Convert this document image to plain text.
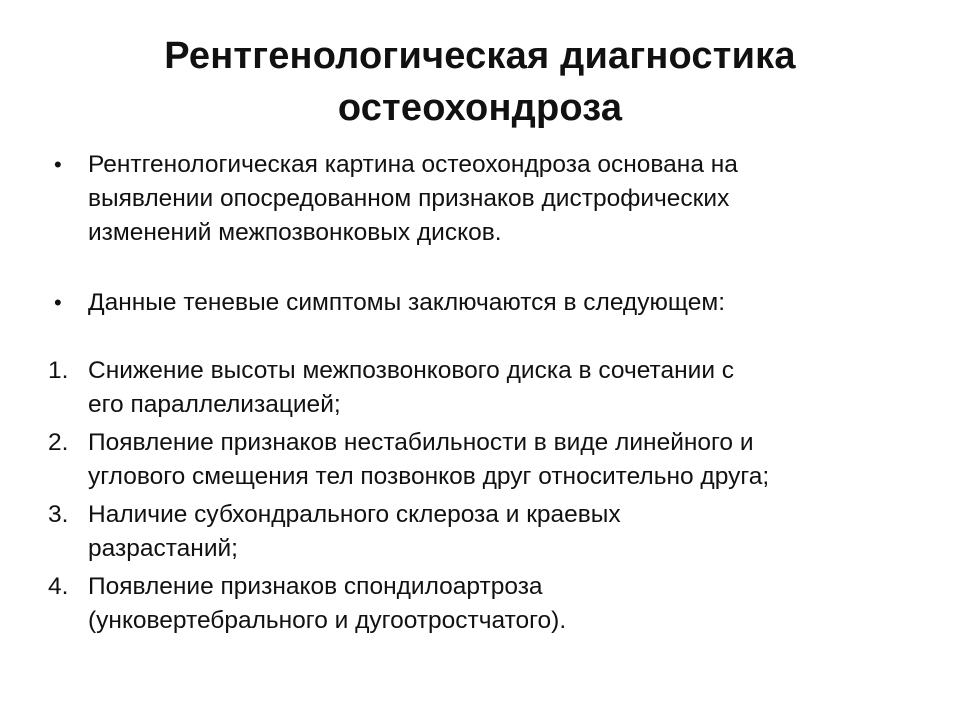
Рентгенологическая диагностика
остеохондроза
•	Рентгенологическая картина остеохондроза основана на
выявлении опосредованном признаков дистрофических
изменений межпозвонковых дисков.
•	Данные теневые симптомы заключаются в следующем:
1. Снижение высоты межпозвонкового диска в сочетании с
его параллелизацией;
2. Появление признаков нестабильности в виде линейного и
углового смещения тел позвонков друг относительно друга;
3. Наличие субхондрального склероза и краевых
разрастаний;
4. Появление признаков спондилоартроза
(унковертебрального и дугоотростчатого).
